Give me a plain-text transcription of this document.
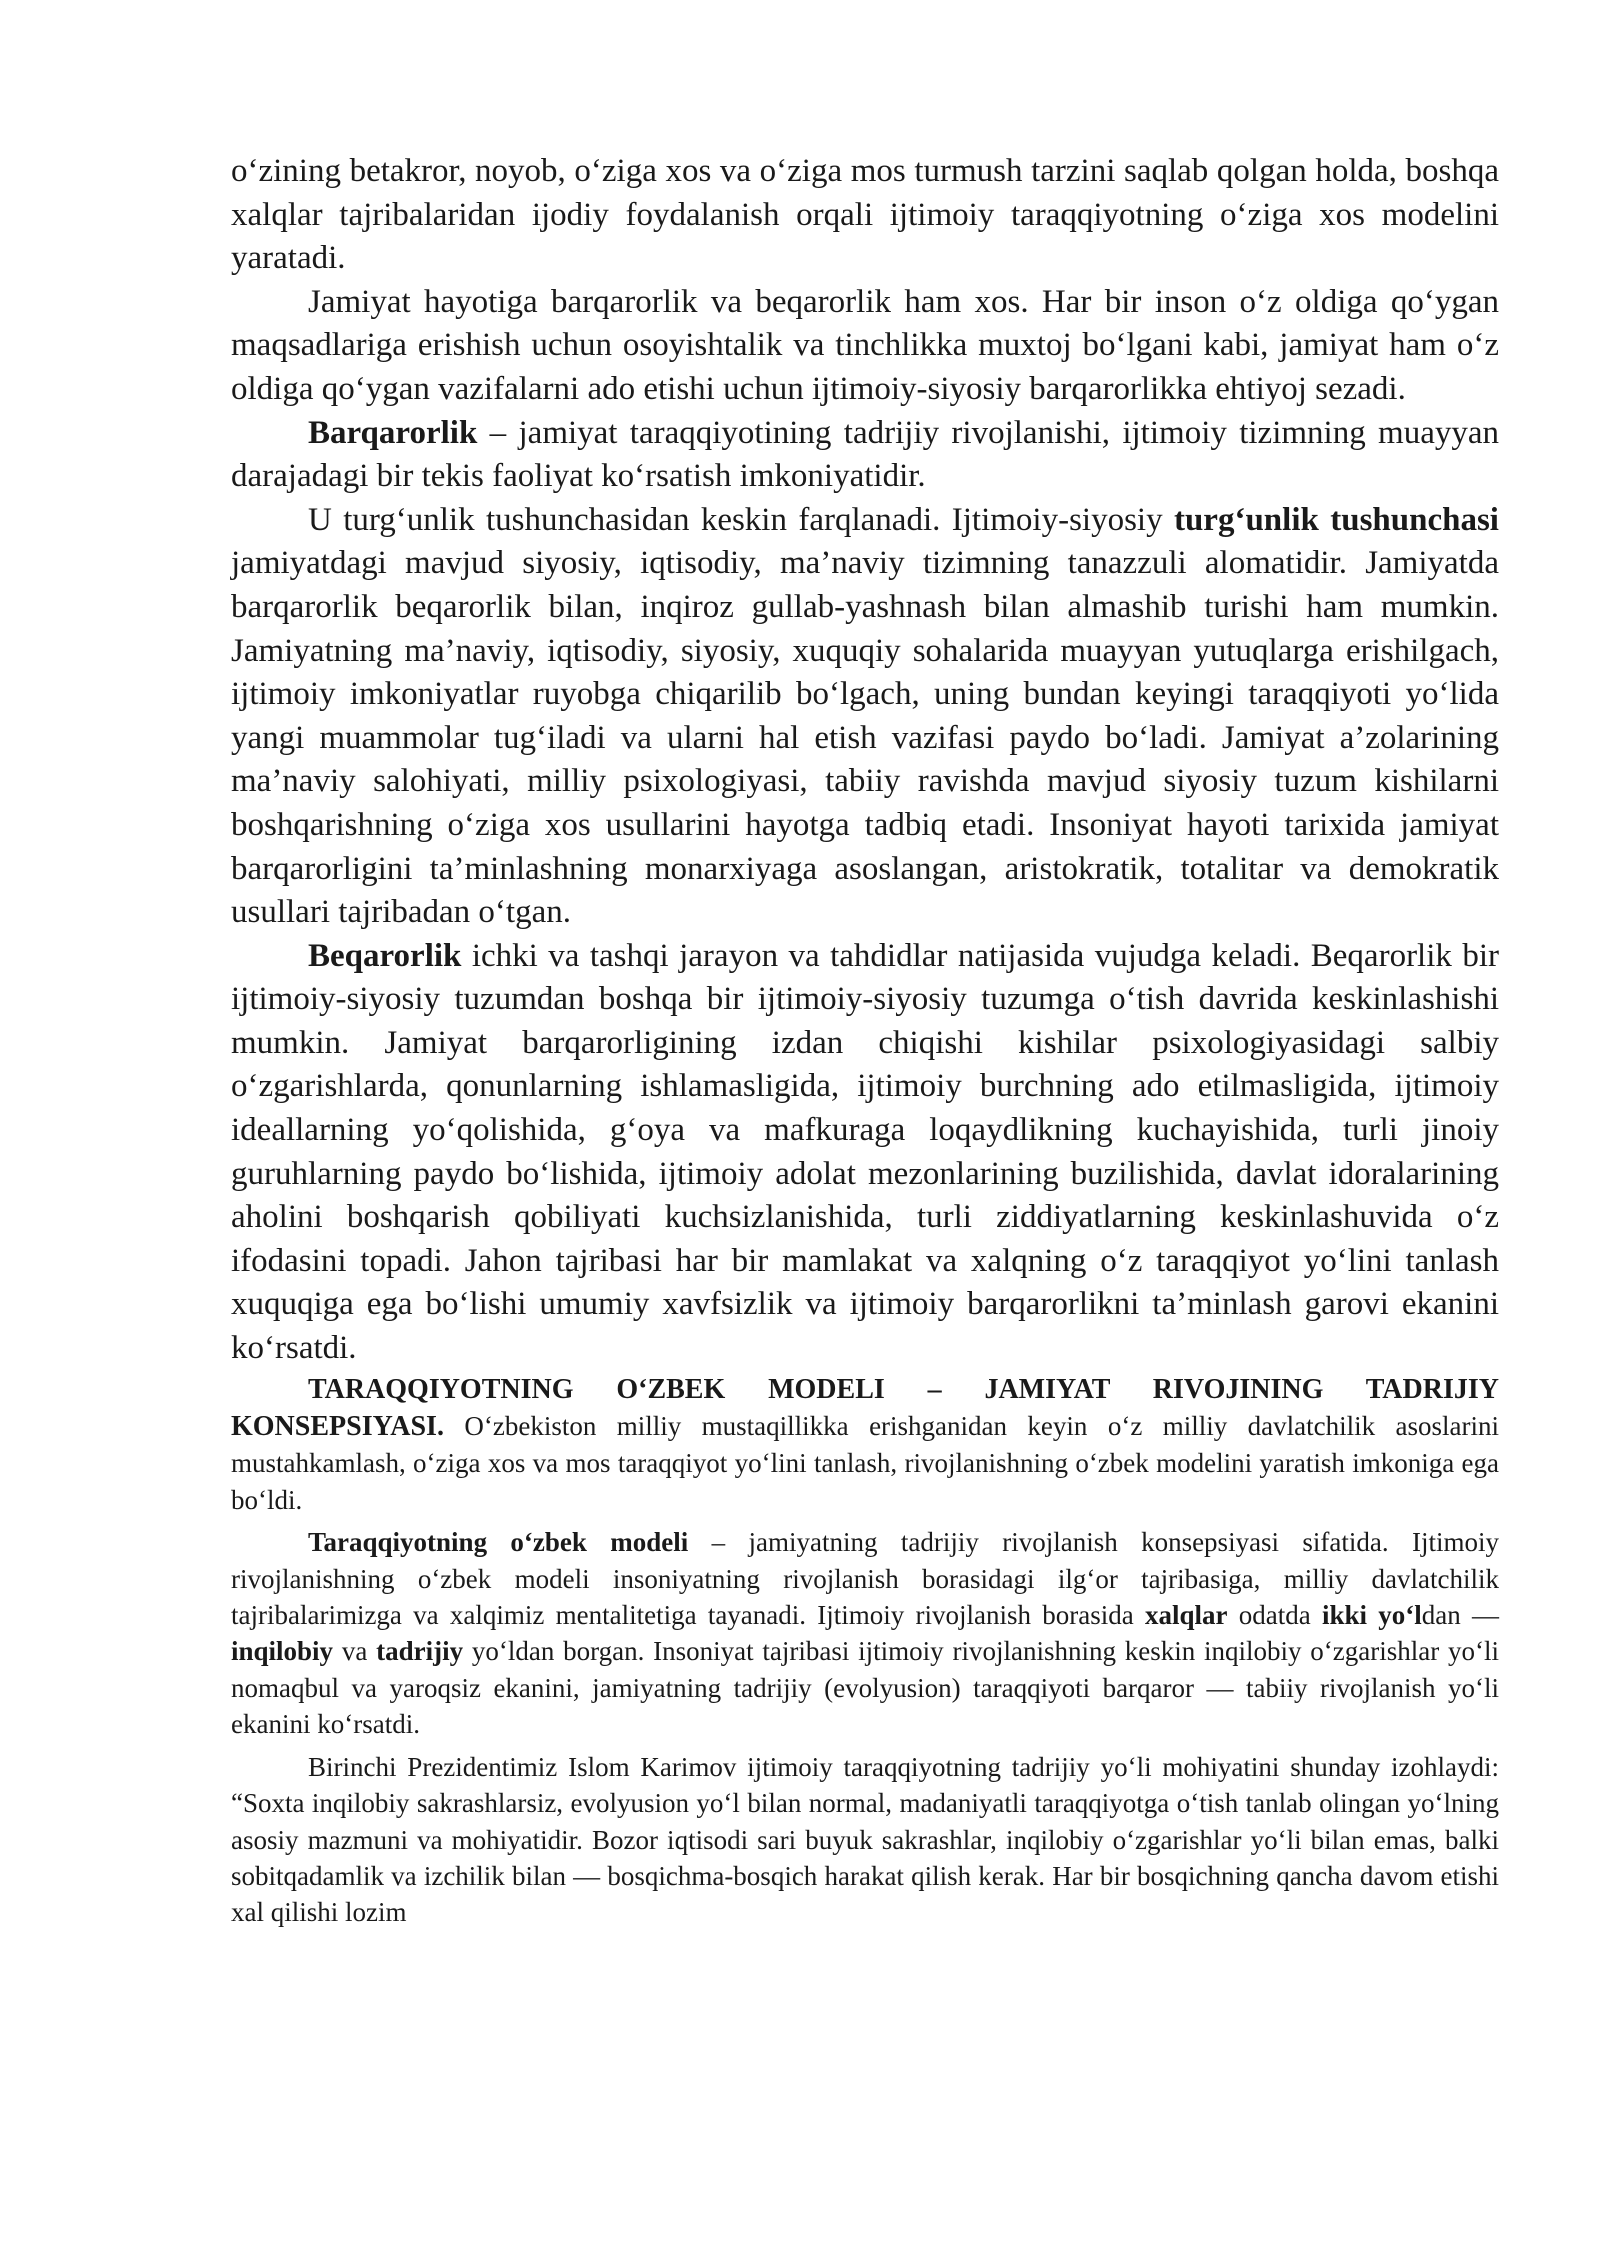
o‘zining betakror, noyob, o‘ziga xos va o‘ziga mos turmush tarzini saqlab qolgan holda, boshqa xalqlar tajribalaridan ijodiy foydalanish orqali ijtimoiy taraqqiyotning o‘ziga xos modelini yaratadi.

Jamiyat hayotiga barqarorlik va beqarorlik ham xos. Har bir inson o‘z oldiga qo‘ygan maqsadlariga erishish uchun osoyishtalik va tinchlikka muxtoj bo‘lgani kabi, jamiyat ham o‘z oldiga qo‘ygan vazifalarni ado etishi uchun ijtimoiy-siyosiy barqarorlikka ehtiyoj sezadi.

Barqarorlik – jamiyat taraqqiyotining tadrijiy rivojlanishi, ijtimoiy tizimning muayyan darajadagi bir tekis faoliyat ko‘rsatish imkoniyatidir.

U turg‘unlik tushunchasidan keskin farqlanadi. Ijtimoiy-siyosiy turg‘unlik tushunchasi jamiyatdagi mavjud siyosiy, iqtisodiy, ma’naviy tizimning tanazzuli alomatidir. Jamiyatda barqarorlik beqarorlik bilan, inqiroz gullab-yashnash bilan almashib turishi ham mumkin. Jamiyatning ma’naviy, iqtisodiy, siyosiy, xuquqiy sohalarida muayyan yutuqlarga erishilgach, ijtimoiy imkoniyatlar ruyobga chiqarilib bo‘lgach, uning bundan keyingi taraqqiyoti yo‘lida yangi muammolar tug‘iladi va ularni hal etish vazifasi paydo bo‘ladi. Jamiyat a’zolarining ma’naviy salohiyati, milliy psixologiyasi, tabiiy ravishda mavjud siyosiy tuzum kishilarni boshqarishning o‘ziga xos usullarini hayotga tadbiq etadi. Insoniyat hayoti tarixida jamiyat barqarorligini ta’minlashning monarxiyaga asoslangan, aristokratik, totalitar va demokratik usullari tajribadan o‘tgan.

Beqarorlik ichki va tashqi jarayon va tahdidlar natijasida vujudga keladi. Beqarorlik bir ijtimoiy-siyosiy tuzumdan boshqa bir ijtimoiy-siyosiy tuzumga o‘tish davrida keskinlashishi mumkin. Jamiyat barqarorligining izdan chiqishi kishilar psixologiyasidagi salbiy o‘zgarishlarda, qonunlarning ishlamasligida, ijtimoiy burchning ado etilmasligida, ijtimoiy ideallarning yo‘qolishida, g‘oya va mafkuraga loqaydlikning kuchayishida, turli jinoiy guruhlarning paydo bo‘lishida, ijtimoiy adolat mezonlarining buzilishida, davlat idoralarining aholini boshqarish qobiliyati kuchsizlanishida, turli ziddiyatlarning keskinlashuvida o‘z ifodasini topadi. Jahon tajribasi har bir mamlakat va xalqning o‘z taraqqiyot yo‘lini tanlash xuquqiga ega bo‘lishi umumiy xavfsizlik va ijtimoiy barqarorlikni ta’minlash garovi ekanini ko‘rsatdi.

TARAQQIYOTNING O‘ZBEK MODELI – JAMIYAT RIVOJINING TADRIJIY KONSEPSIYASI. O‘zbekiston milliy mustaqillikka erishganidan keyin o‘z milliy davlatchilik asoslarini mustahkamlash, o‘ziga xos va mos taraqqiyot yo‘lini tanlash, rivojlanishning o‘zbek modelini yaratish imkoniga ega bo‘ldi.

Taraqqiyotning o‘zbek modeli – jamiyatning tadrijiy rivojlanish konsepsiyasi sifatida. Ijtimoiy rivojlanishning o‘zbek modeli insoniyatning rivojlanish borasidagi ilg‘or tajribasiga, milliy davlatchilik tajribalarimizga va xalqimiz mentalitetiga tayanadi. Ijtimoiy rivojlanish borasida xalqlar odatda ikki yo‘ldan — inqilobiy va tadrijiy yo‘ldan borgan. Insoniyat tajribasi ijtimoiy rivojlanishning keskin inqilobiy o‘zgarishlar yo‘li nomaqbul va yaroqsiz ekanini, jamiyatning tadrijiy (evolyusion) taraqqiyoti barqaror — tabiiy rivojlanish yo‘li ekanini ko‘rsatdi.

Birinchi Prezidentimiz Islom Karimov ijtimoiy taraqqiyotning tadrijiy yo‘li mohiyatini shunday izohlaydi: “Soxta inqilobiy sakrashlarsiz, evolyusion yo‘l bilan normal, madaniyatli taraqqiyotga o‘tish tanlab olingan yo‘lning asosiy mazmuni va mohiyatidir. Bozor iqtisodi sari buyuk sakrashlar, inqilobiy o‘zgarishlar yo‘li bilan emas, balki sobitqadamlik va izchilik bilan — bosqichma-bosqich harakat qilish kerak. Har bir bosqichning qancha davom etishi xal qilishi lozim
